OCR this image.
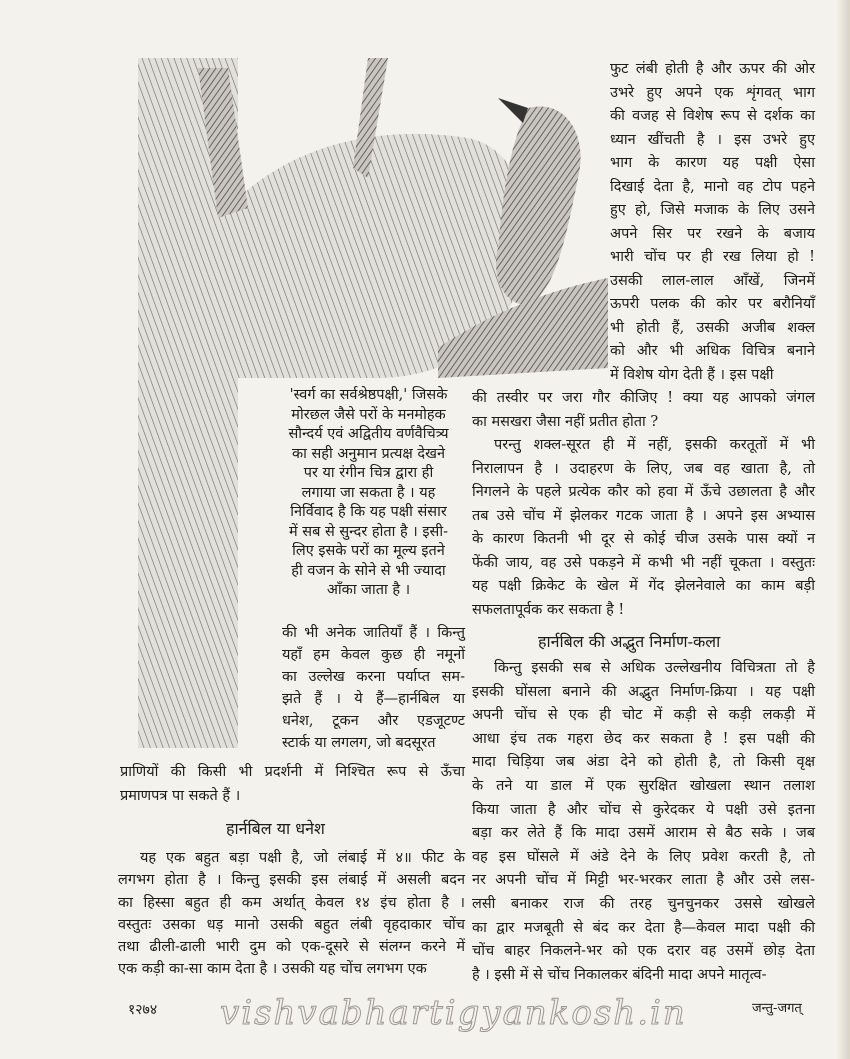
फुट लंबी होती है और ऊपर की ओर
उभरे हुए अपने एक शृंगवत् भाग
की वजह से विशेष रूप से दर्शक का
ध्यान खींचती है । इस उभरे हुए
भाग के कारण यह पक्षी ऐसा
दिखाई देता है, मानो वह टोप पहने
हुए हो, जिसे मजाक के लिए उसने
अपने सिर पर रखने के बजाय
भारी चोंच पर ही रख लिया हो !
उसकी लाल-लाल आँखें, जिनमें
ऊपरी पलक की कोर पर बरौनियाँ
भी होती हैं, उसकी अजीब शक्ल
को और भी अधिक विचित्र बनाने
में विशेष योग देती हैं । इस पक्षी
की तस्वीर पर जरा गौर कीजिए ! क्या यह आपको जंगल
का मसखरा जैसा नहीं प्रतीत होता ?
परन्तु शक्ल-सूरत ही में नहीं, इसकी करतूतों में भी
निरालापन है । उदाहरण के लिए, जब वह खाता है, तो
निगलने के पहले प्रत्येक कौर को हवा में ऊँचे उछालता है और
तब उसे चोंच में झेलकर गटक जाता है । अपने इस अभ्यास
के कारण कितनी भी दूर से कोई चीज उसके पास क्यों न
फेंकी जाय, वह उसे पकड़ने में कभी भी नहीं चूकता । वस्तुतः
यह पक्षी क्रिकेट के खेल में गेंद झेलनेवाले का काम बड़ी
सफलतापूर्वक कर सकता है !
किन्तु इसकी सब से अधिक उल्लेखनीय विचित्रता तो है
इसकी घोंसला बनाने की अद्भुत निर्माण-क्रिया । यह पक्षी
अपनी चोंच से एक ही चोट में कड़ी से कड़ी लकड़ी में
आधा इंच तक गहरा छेद कर सकता है ! इस पक्षी की
मादा चिड़िया जब अंडा देने को होती है, तो किसी वृक्ष
के तने या डाल में एक सुरक्षित खोखला स्थान तलाश
किया जाता है और चोंच से कुरेदकर ये पक्षी उसे इतना
बड़ा कर लेते हैं कि मादा उसमें आराम से बैठ सके । जब
वह इस घोंसले में अंडे देने के लिए प्रवेश करती है, तो
नर अपनी चोंच में मिट्टी भर-भरकर लाता है और उसे लस-
लसी बनाकर राज की तरह चुनचुनकर उससे खोखले
का द्वार मजबूती से बंद कर देता है—केवल मादा पक्षी की
चोंच बाहर निकलने-भर को एक दरार वह उसमें छोड़ देता
है । इसी में से चोंच निकालकर बंदिनी मादा अपने मातृत्व-
'स्वर्ग का सर्वश्रेष्ठपक्षी,' जिसके
मोरछल जैसे परों के मनमोहक
सौन्दर्य एवं अद्वितीय वर्णवैचित्र्य
का सही अनुमान प्रत्यक्ष देखने
पर या रंगीन चित्र द्वारा ही
लगाया जा सकता है । यह
निर्विवाद है कि यह पक्षी संसार
में सब से सुन्दर होता है । इसी-
लिए इसके परों का मूल्य इतने
ही वजन के सोने से भी ज्यादा
आँका जाता है ।
की भी अनेक जातियाँ हैं । किन्तु
यहाँ हम केवल कुछ ही नमूनों
का उल्लेख करना पर्याप्त सम-
झते हैं । ये हैं—हार्नबिल या
धनेश, टूकन और एडजूटण्ट
स्टार्क या लगलग, जो बदसूरत
प्राणियों की किसी भी प्रदर्शनी में निश्चित रूप से ऊँचा
प्रमाणपत्र पा सकते हैं ।
यह एक बहुत बड़ा पक्षी है, जो लंबाई में ४॥ फीट के
लगभग होता है । किन्तु इसकी इस लंबाई में असली बदन
का हिस्सा बहुत ही कम अर्थात् केवल १४ इंच होता है ।
वस्तुतः उसका धड़ मानो उसकी बहुत लंबी वृहदाकार चोंच
तथा ढीली-ढाली भारी दुम को एक-दूसरे से संलग्न करने में
एक कड़ी का-सा काम देता है । उसकी यह चोंच लगभग एक
हार्नबिल की अद्भुत निर्माण-कला
हार्नबिल या धनेश
१२७४ vishvabhartigyankosh.in	जन्तु-जगत्
